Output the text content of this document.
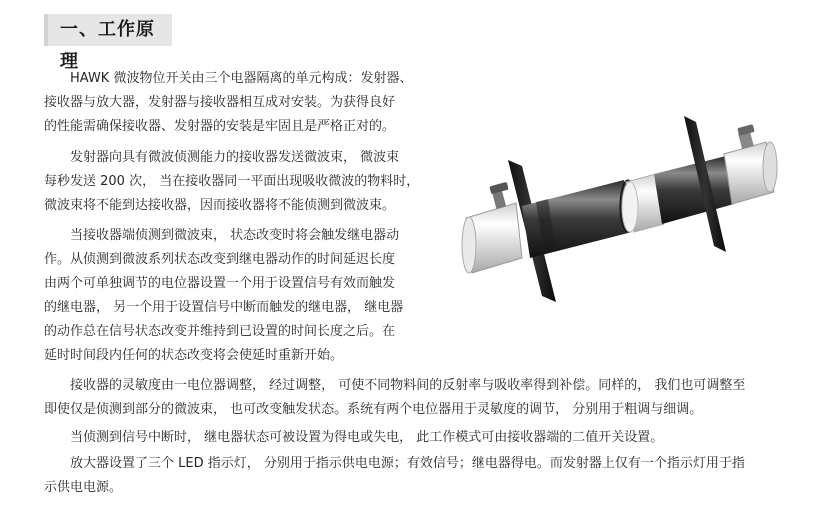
一、工作原理
HAWK 微波物位开关由三个电器隔离的单元构成：发射器、
接收器与放大器，发射器与接收器相互成对安装。为获得良好
的性能需确保接收器、发射器的安装是牢固且是严格正对的。
发射器向具有微波侦测能力的接收器发送微波束， 微波束
每秒发送 200 次， 当在接收器同一平面出现吸收微波的物料时，
微波束将不能到达接收器，因而接收器将不能侦测到微波束。
当接收器端侦测到微波束， 状态改变时将会触发继电器动
作。从侦测到微波系列状态改变到继电器动作的时间延迟长度
由两个可单独调节的电位器设置一个用于设置信号有效而触发
的继电器， 另一个用于设置信号中断而触发的继电器， 继电器
的动作总在信号状态改变并维持到已设置的时间长度之后。在
延时时间段内任何的状态改变将会使延时重新开始。
接收器的灵敏度由一电位器调整， 经过调整， 可使不同物料间的反射率与吸收率得到补偿。同样的， 我们也可调整至
即使仅是侦测到部分的微波束， 也可改变触发状态。系统有两个电位器用于灵敏度的调节， 分别用于粗调与细调。
当侦测到信号中断时， 继电器状态可被设置为得电或失电， 此工作模式可由接收器端的二值开关设置。
放大器设置了三个 LED 指示灯， 分别用于指示供电电源；有效信号；继电器得电。而发射器上仅有一个指示灯用于指
示供电电源。
